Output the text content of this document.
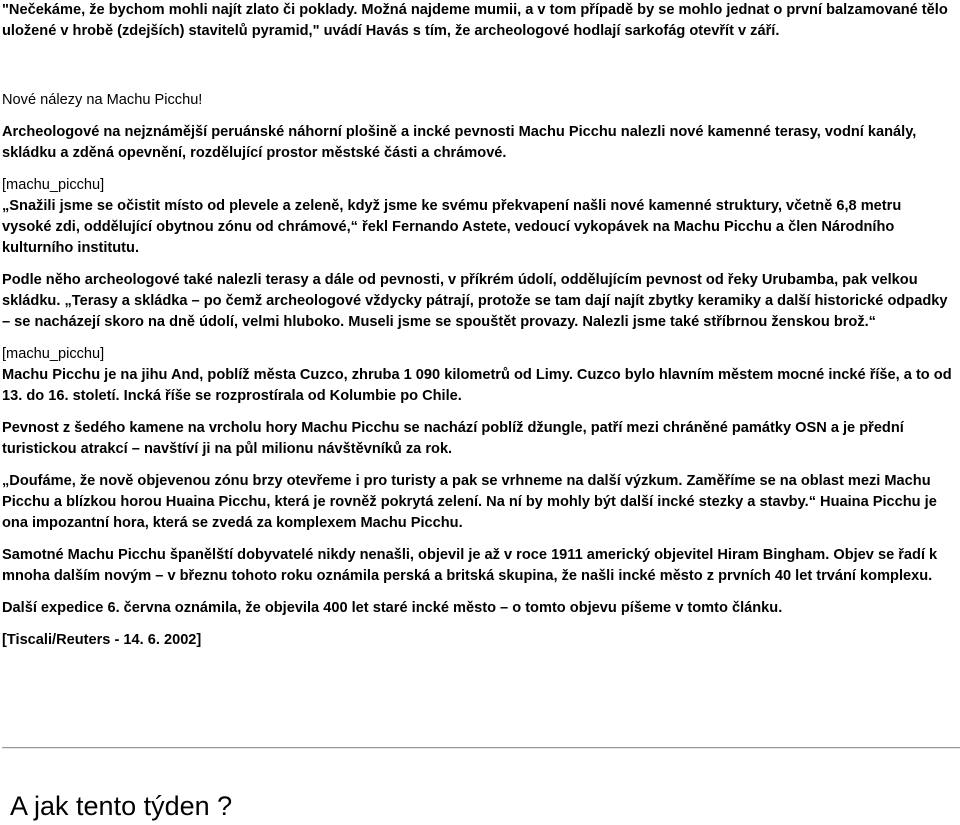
"Nečekáme, že bychom mohli najít zlato či poklady. Možná najdeme mumii, a v tom případě by se mohlo jednat o první balzamované tělo uložené v hrobě (zdejších) stavitelů pyramid," uvádí Havás s tím, že archeologové hodlají sarkofág otevřít v září.

Nové nálezy na Machu Picchu!

Archeologové na nejznámější peruánské náhorní plošině a incké pevnosti Machu Picchu nalezli nové kamenné terasy, vodní kanály, skládku a zděná opevnění, rozdělující prostor městské části a chrámové.

[machu_picchu]

„Snažili jsme se očistit místo od plevele a zeleně, když jsme ke svému překvapení našli nové kamenné struktury, včetně 6,8 metru vysoké zdi, oddělující obytnou zónu od chrámové,“ řekl Fernando Astete, vedoucí vykopávek na Machu Picchu a člen Národního kulturního institutu.

Podle něho archeologové také nalezli terasy a dále od pevnosti, v příkrém údolí, oddělujícím pevnost od řeky Urubamba, pak velkou skládku. „Terasy a skládka – po čemž archeologové vždycky pátrají, protože se tam dají najít zbytky keramiky a další historické odpadky – se nacházejí skoro na dně údolí, velmi hluboko. Museli jsme se spouštět provazy. Nalezli jsme také stříbrnou ženskou brož.“

[machu_picchu]

Machu Picchu je na jihu And, poblíž města Cuzco, zhruba 1 090 kilometrů od Limy. Cuzco bylo hlavním městem mocné incké říše, a to od 13. do 16. století. Incká říše se rozprostírala od Kolumbie po Chile.

Pevnost z šedého kamene na vrcholu hory Machu Picchu se nachází poblíž džungle, patří mezi chráněné památky OSN a je přední turistickou atrakcí – navštíví ji na půl milionu návštěvníků za rok.

„Doufáme, že nově objevenou zónu brzy otevřeme i pro turisty a pak se vrhneme na další výzkum. Zaměříme se na oblast mezi Machu Picchu a blízkou horou Huaina Picchu, která je rovněž pokrytá zelení. Na ní by mohly být další incké stezky a stavby.“ Huaina Picchu je ona impozantní hora, která se zvedá za komplexem Machu Picchu.

Samotné Machu Picchu španělští dobyvatelé nikdy nenašli, objevil je až v roce 1911 americký objevitel Hiram Bingham. Objev se řadí k mnoha dalším novým – v březnu tohoto roku oznámila perská a britská skupina, že našli incké město z prvních 40 let trvání komplexu.

Další expedice 6. června oznámila, že objevila 400 let staré incké město – o tomto objevu píšeme v tomto článku.

[Tiscali/Reuters - 14. 6. 2002]

A jak tento týden ?
